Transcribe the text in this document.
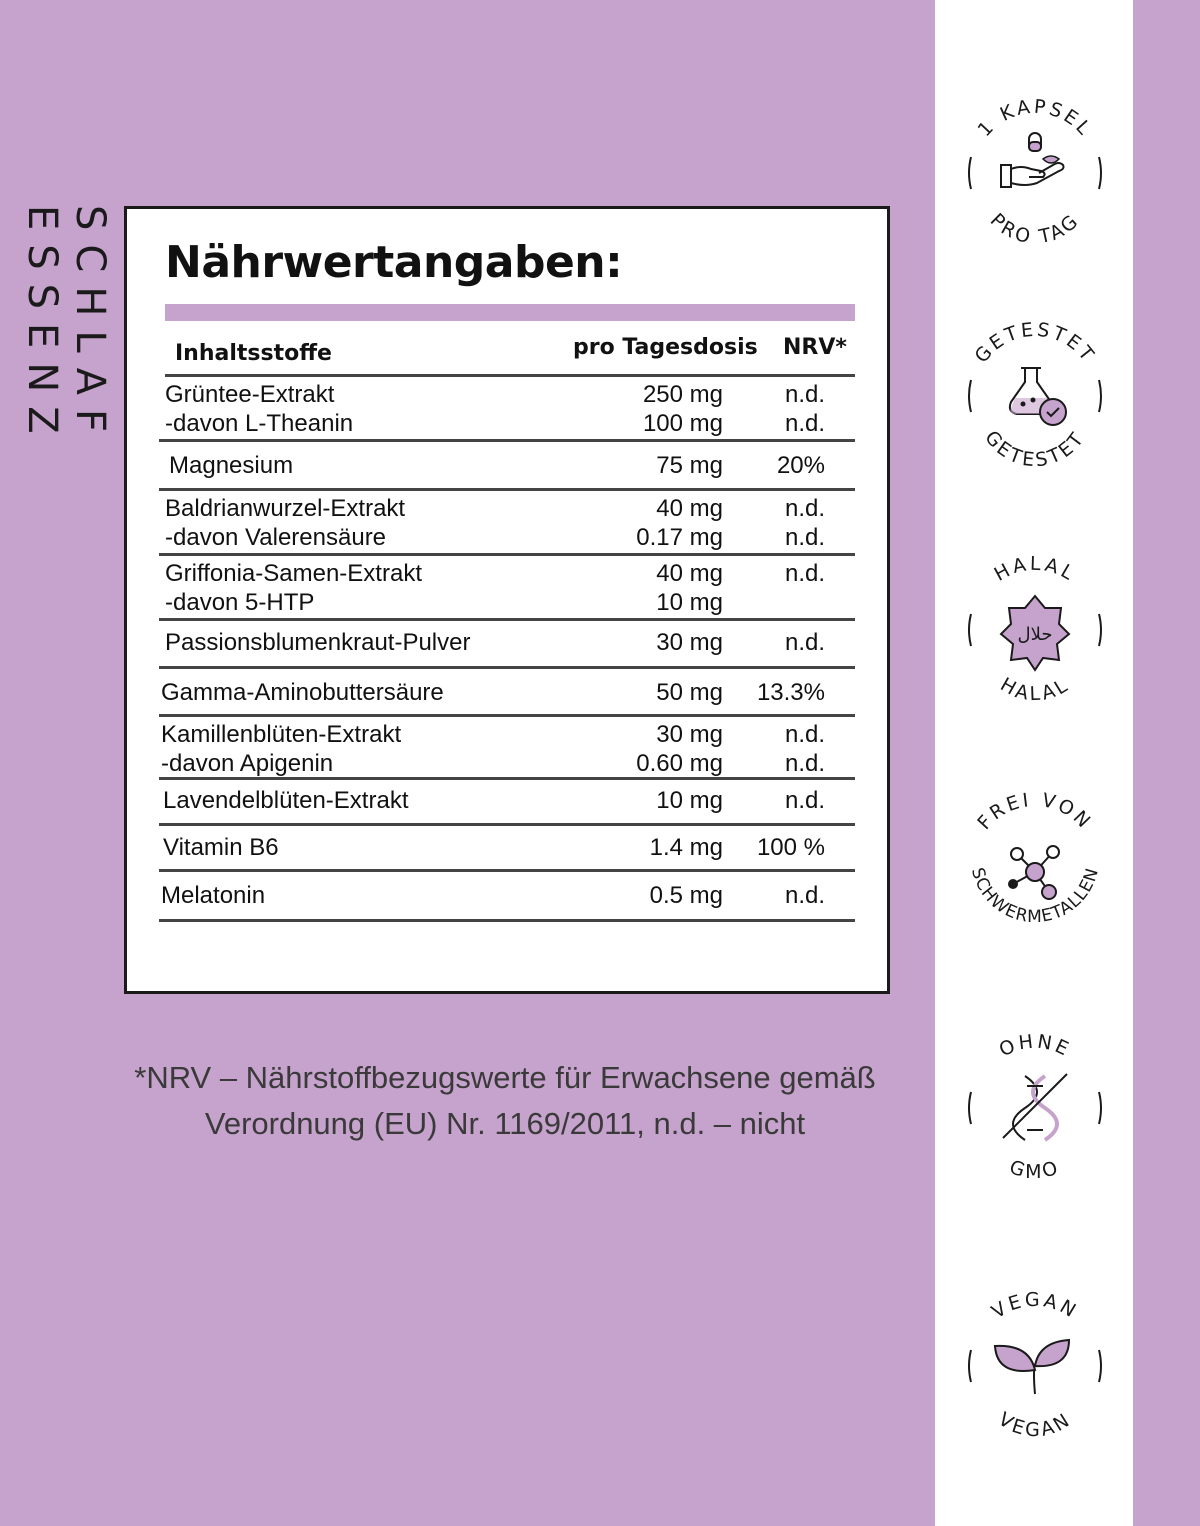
SCHLAF ESSENZ	Nährwertangaben:
Inhaltsstoffe	pro Tagesdosis NRV*
Grüntee-Extrakt	250 mg	n.d.
-davon L-Theanin	100 mg	n.d.
Magnesium	75 mg 20%
Baldrianwurzel-Extrakt	40 mg	n.d.
-davon Valerensäure	0.17 mg	n.d.
Griffonia-Samen-Extrakt	40 mg	n.d.
-davon 5-HTP	10 mg
Passionsblumenkraut-Pulver	30 mg	n.d.
Gamma-Aminobuttersäure	50 mg 13.3%
Kamillenblüten-Extrakt	30 mg	n.d.
-davon Apigenin	0.60 mg	n.d.
Lavendelblüten-Extrakt	10 mg	n.d.
Vitamin B6	1.4 mg 100 %
Melatonin	0.5 mg	n.d.
*NRV – Nährstoffbezugswerte für Erwachsene gemäß
Verordnung (EU) Nr. 1169/2011, n.d. – nicht
1 KAPSEL
PRO TAG
GETESTET
GETESTET
HALAL
HALAL
حلال
FREI VON
SCHWERMETALLEN
OHNE
GMO
VEGAN
VEGAN
